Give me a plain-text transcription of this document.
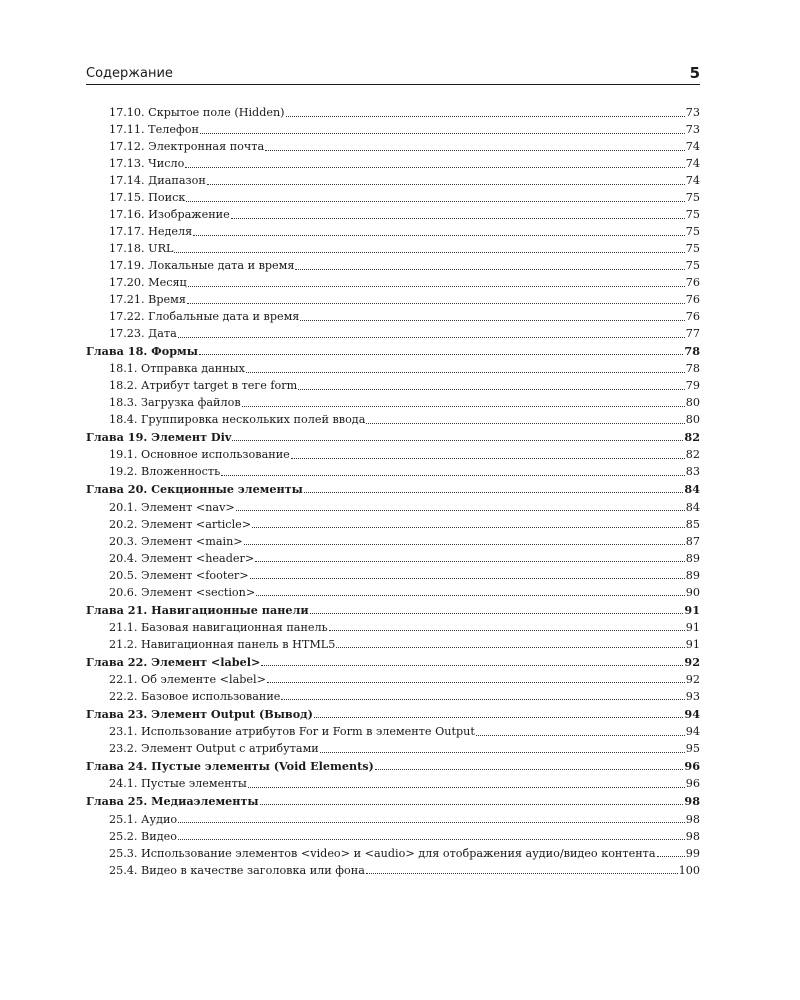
Содержание	5
17.10. Скрытое поле (Hidden)	73
17.11. Телефон	73
17.12. Электронная почта	74
17.13. Число	74
17.14. Диапазон	74
17.15. Поиск	75
17.16. Изображение	75
17.17. Неделя	75
17.18. URL	75
17.19. Локальные дата и время	75
17.20. Месяц	76
17.21. Время	76
17.22. Глобальные дата и время	76
17.23. Дата	77
Глава 18. Формы	78
18.1. Отправка данных	78
18.2. Атрибут target в теге form	79
18.3. Загрузка файлов	80
18.4. Группировка нескольких полей ввода	80
Глава 19. Элемент Div	82
19.1. Основное использование	82
19.2. Вложенность	83
Глава 20. Секционные элементы	84
20.1. Элемент <nav>	84
20.2. Элемент <article>	85
20.3. Элемент <main>	87
20.4. Элемент <header>	89
20.5. Элемент <footer>	89
20.6. Элемент <section>	90
Глава 21. Навигационные панели	91
21.1. Базовая навигационная панель	91
21.2. Навигационная панель в HTML5	91
Глава 22. Элемент <label>	92
22.1. Об элементе <label>	92
22.2. Базовое использование	93
Глава 23. Элемент Output (Вывод)	94
23.1. Использование атрибутов For и Form в элементе Output	94
23.2. Элемент Output с атрибутами	95
Глава 24. Пустые элементы (Void Elements)	96
24.1. Пустые элементы	96
Глава 25. Медиаэлементы	98
25.1. Аудио	98
25.2. Видео	98
25.3. Использование элементов <video> и <audio> для отображения аудио/видео контента	99
25.4. Видео в качестве заголовка или фона	100
